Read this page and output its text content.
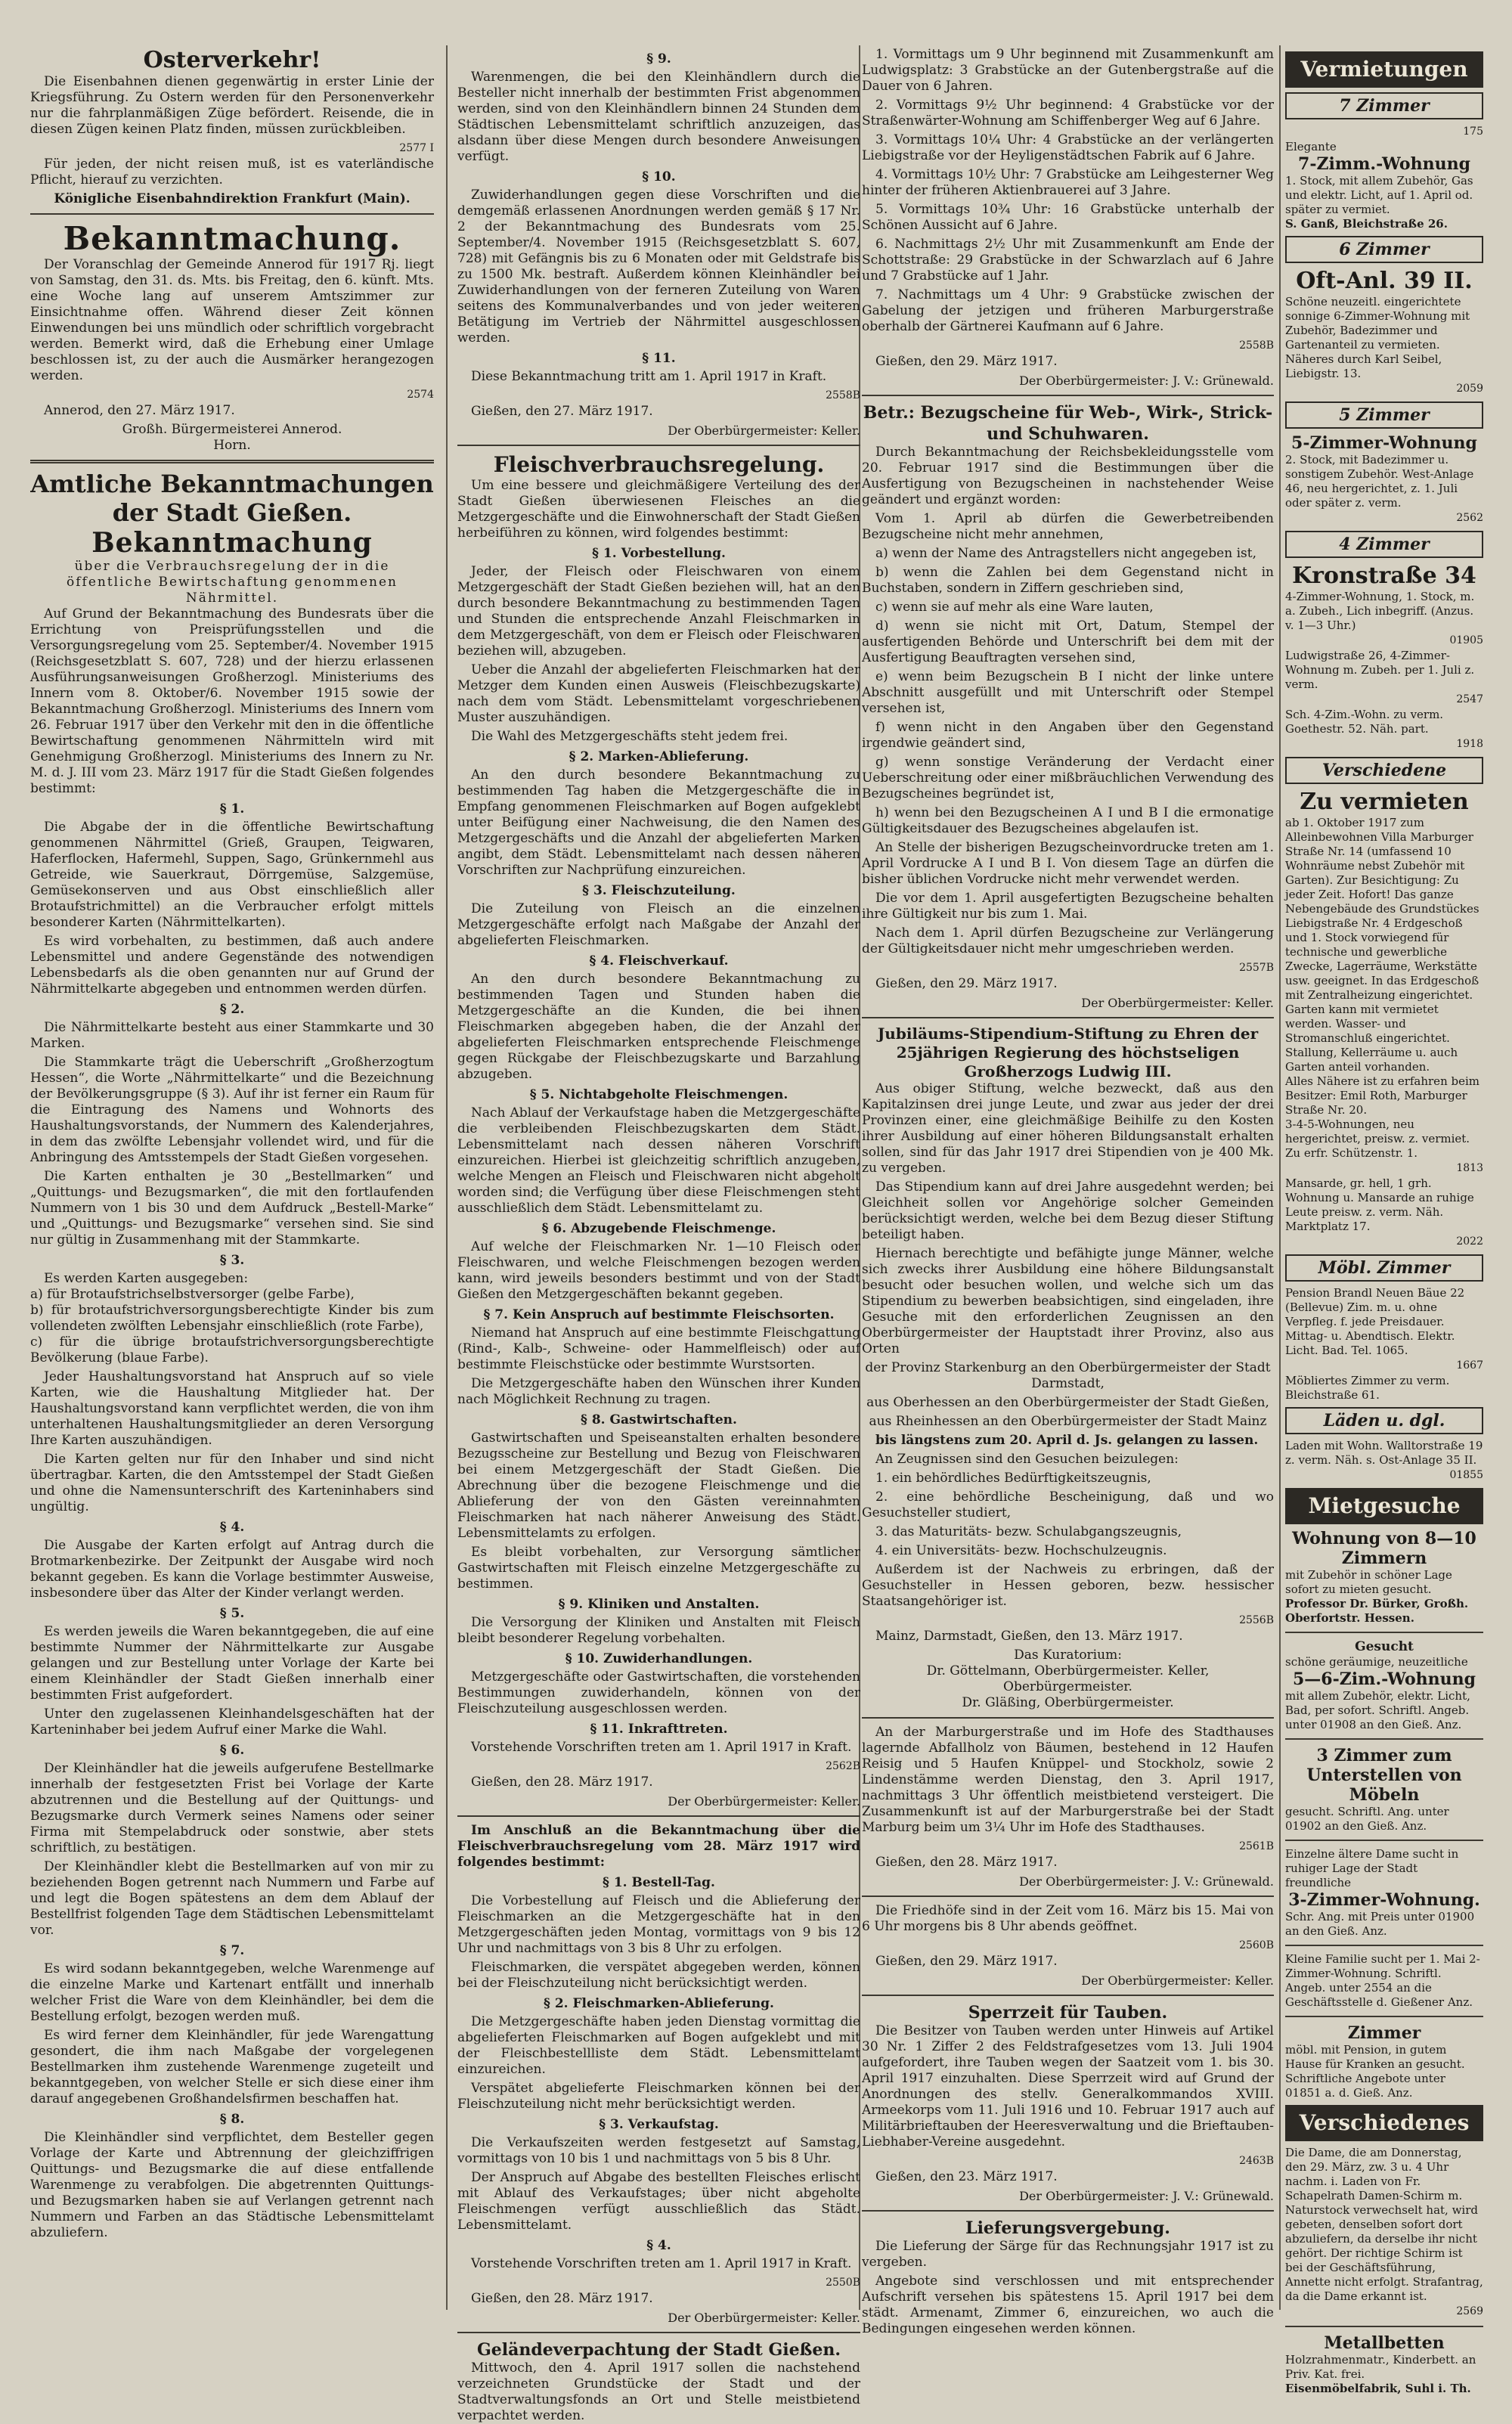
Osterverkehr!

Die Eisenbahnen dienen gegenwärtig in erster Linie der Kriegsführung. Zu Ostern werden für den Personenverkehr nur die fahrplanmäßigen Züge befördert. Reisende, die in diesen Zügen keinen Platz finden, müssen zurückbleiben.

2577 I

Für jeden, der nicht reisen muß, ist es vaterländische Pflicht, hierauf zu verzichten.

Königliche Eisenbahndirektion Frankfurt (Main).
Bekanntmachung.

Der Voranschlag der Gemeinde Annerod für 1917 Rj. liegt von Samstag, den 31. ds. Mts. bis Freitag, den 6. künft. Mts. eine Woche lang auf unserem Amtszimmer zur Einsichtnahme offen. Während dieser Zeit können Einwendungen bei uns mündlich oder schriftlich vorgebracht werden. Bemerkt wird, daß die Erhebung einer Umlage beschlossen ist, zu der auch die Ausmärker herangezogen werden.

2574

Annerod, den 27. März 1917.

Großh. Bürgermeisterei Annerod.
Horn.
Amtliche Bekanntmachungen der Stadt Gießen.
Bekanntmachung
über die Verbrauchsregelung der in die öffentliche Bewirtschaftung genommenen Nährmittel.

Auf Grund der Bekanntmachung des Bundesrats über die Errichtung von Preisprüfungsstellen und die Versorgungsregelung vom 25. September/4. November 1915 (Reichsgesetzblatt S. 607, 728) und der hierzu erlassenen Ausführungsanweisungen Großherzogl. Ministeriums des Innern vom 8. Oktober/6. November 1915 sowie der Bekanntmachung Großherzogl. Ministeriums des Innern vom 26. Februar 1917 über den Verkehr mit den in die öffentliche Bewirtschaftung genommenen Nährmitteln wird mit Genehmigung Großherzogl. Ministeriums des Innern zu Nr. M. d. J. III vom 23. März 1917 für die Stadt Gießen folgendes bestimmt:

§ 1.

Die Abgabe der in die öffentliche Bewirtschaftung genommenen Nährmittel (Grieß, Graupen, Teigwaren, Haferflocken, Hafermehl, Suppen, Sago, Grünkernmehl aus Getreide, wie Sauerkraut, Dörrgemüse, Salzgemüse, Gemüsekonserven und aus Obst einschließlich aller Brotaufstrichmittel) an die Verbraucher erfolgt mittels besonderer Karten (Nährmittelkarten).

Es wird vorbehalten, zu bestimmen, daß auch andere Lebensmittel und andere Gegenstände des notwendigen Lebensbedarfs als die oben genannten nur auf Grund der Nährmittelkarte abgegeben und entnommen werden dürfen.

§ 2.

Die Nährmittelkarte besteht aus einer Stammkarte und 30 Marken.

Die Stammkarte trägt die Ueberschrift „Großherzogtum Hessen“, die Worte „Nährmittelkarte“ und die Bezeichnung der Bevölkerungsgruppe (§ 3). Auf ihr ist ferner ein Raum für die Eintragung des Namens und Wohnorts des Haushaltungsvorstands, der Nummern des Kalenderjahres, in dem das zwölfte Lebensjahr vollendet wird, und für die Anbringung des Amtsstempels der Stadt Gießen vorgesehen.

Die Karten enthalten je 30 „Bestellmarken“ und „Quittungs- und Bezugsmarken“, die mit den fortlaufenden Nummern von 1 bis 30 und dem Aufdruck „Bestell-Marke“ und „Quittungs- und Bezugsmarke“ versehen sind. Sie sind nur gültig in Zusammenhang mit der Stammkarte.

§ 3.

Es werden Karten ausgegeben:
a) für Brotaufstrichselbstversorger (gelbe Farbe),
b) für brotaufstrichversorgungsberechtigte Kinder bis zum vollendeten zwölften Lebensjahr einschließlich (rote Farbe),
c) für die übrige brotaufstrichversorgungsberechtigte Bevölkerung (blaue Farbe).

Jeder Haushaltungsvorstand hat Anspruch auf so viele Karten, wie die Haushaltung Mitglieder hat. Der Haushaltungsvorstand kann verpflichtet werden, die von ihm unterhaltenen Haushaltungsmitglieder an deren Versorgung Ihre Karten auszuhändigen.

Die Karten gelten nur für den Inhaber und sind nicht übertragbar. Karten, die den Amtsstempel der Stadt Gießen und ohne die Namensunterschrift des Karteninhabers sind ungültig.

§ 4.

Die Ausgabe der Karten erfolgt auf Antrag durch die Brotmarkenbezirke. Der Zeitpunkt der Ausgabe wird noch bekannt gegeben. Es kann die Vorlage bestimmter Ausweise, insbesondere über das Alter der Kinder verlangt werden.

§ 5.

Es werden jeweils die Waren bekanntgegeben, die auf eine bestimmte Nummer der Nährmittelkarte zur Ausgabe gelangen und zur Bestellung unter Vorlage der Karte bei einem Kleinhändler der Stadt Gießen innerhalb einer bestimmten Frist aufgefordert.

Unter den zugelassenen Kleinhandelsgeschäften hat der Karteninhaber bei jedem Aufruf einer Marke die Wahl.

§ 6.

Der Kleinhändler hat die jeweils aufgerufene Bestellmarke innerhalb der festgesetzten Frist bei Vorlage der Karte abzutrennen und die Bestellung auf der Quittungs- und Bezugsmarke durch Vermerk seines Namens oder seiner Firma mit Stempelabdruck oder sonstwie, aber stets schriftlich, zu bestätigen.

Der Kleinhändler klebt die Bestellmarken auf von mir zu beziehenden Bogen getrennt nach Nummern und Farbe auf und legt die Bogen spätestens an dem dem Ablauf der Bestellfrist folgenden Tage dem Städtischen Lebensmittelamt vor.

§ 7.

Es wird sodann bekanntgegeben, welche Warenmenge auf die einzelne Marke und Kartenart entfällt und innerhalb welcher Frist die Ware von dem Kleinhändler, bei dem die Bestellung erfolgt, bezogen werden muß.

Es wird ferner dem Kleinhändler, für jede Warengattung gesondert, die ihm nach Maßgabe der vorgelegenen Bestellmarken ihm zustehende Warenmenge zugeteilt und bekanntgegeben, von welcher Stelle er sich diese einer ihm darauf angegebenen Großhandelsfirmen beschaffen hat.

§ 8.

Die Kleinhändler sind verpflichtet, dem Besteller gegen Vorlage der Karte und Abtrennung der gleichziffrigen Quittungs- und Bezugsmarke die auf diese entfallende Warenmenge zu verabfolgen. Die abgetrennten Quittungs- und Bezugsmarken haben sie auf Verlangen getrennt nach Nummern und Farben an das Städtische Lebensmittelamt abzuliefern.

§ 9.

Warenmengen, die bei den Kleinhändlern durch die Besteller nicht innerhalb der bestimmten Frist abgenommen werden, sind von den Kleinhändlern binnen 24 Stunden dem Städtischen Lebensmittelamt schriftlich anzuzeigen, das alsdann über diese Mengen durch besondere Anweisungen verfügt.

§ 10.

Zuwiderhandlungen gegen diese Vorschriften und die demgemäß erlassenen Anordnungen werden gemäß § 17 Nr. 2 der Bekanntmachung des Bundesrats vom 25. September/4. November 1915 (Reichsgesetzblatt S. 607, 728) mit Gefängnis bis zu 6 Monaten oder mit Geldstrafe bis zu 1500 Mk. bestraft. Außerdem können Kleinhändler bei Zuwiderhandlungen von der ferneren Zuteilung von Waren seitens des Kommunalverbandes und von jeder weiteren Betätigung im Vertrieb der Nährmittel ausgeschlossen werden.

§ 11.

Diese Bekanntmachung tritt am 1. April 1917 in Kraft.

2558B

Gießen, den 27. März 1917.

Der Oberbürgermeister: Keller.
Fleischverbrauchsregelung.

Um eine bessere und gleichmäßigere Verteilung des der Stadt Gießen überwiesenen Fleisches an die Metzgergeschäfte und die Einwohnerschaft der Stadt Gießen herbeiführen zu können, wird folgendes bestimmt:

§ 1. Vorbestellung.

Jeder, der Fleisch oder Fleischwaren von einem Metzgergeschäft der Stadt Gießen beziehen will, hat an den durch besondere Bekanntmachung zu bestimmenden Tagen und Stunden die entsprechende Anzahl Fleischmarken in dem Metzgergeschäft, von dem er Fleisch oder Fleischwaren beziehen will, abzugeben.

Ueber die Anzahl der abgelieferten Fleischmarken hat der Metzger dem Kunden einen Ausweis (Fleischbezugskarte) nach dem vom Städt. Lebensmittelamt vorgeschriebenen Muster auszuhändigen.

Die Wahl des Metzgergeschäfts steht jedem frei.

§ 2. Marken-Ablieferung.

An den durch besondere Bekanntmachung zu bestimmenden Tag haben die Metzgergeschäfte die in Empfang genommenen Fleischmarken auf Bogen aufgeklebt unter Beifügung einer Nachweisung, die den Namen des Metzgergeschäfts und die Anzahl der abgelieferten Marken angibt, dem Städt. Lebensmittelamt nach dessen näheren Vorschriften zur Nachprüfung einzureichen.

§ 3. Fleischzuteilung.

Die Zuteilung von Fleisch an die einzelnen Metzgergeschäfte erfolgt nach Maßgabe der Anzahl der abgelieferten Fleischmarken.

§ 4. Fleischverkauf.

An den durch besondere Bekanntmachung zu bestimmenden Tagen und Stunden haben die Metzgergeschäfte an die Kunden, die bei ihnen Fleischmarken abgegeben haben, die der Anzahl der abgelieferten Fleischmarken entsprechende Fleischmenge gegen Rückgabe der Fleischbezugskarte und Barzahlung abzugeben.

§ 5. Nichtabgeholte Fleischmengen.

Nach Ablauf der Verkaufstage haben die Metzgergeschäfte die verbleibenden Fleischbezugskarten dem Städt. Lebensmittelamt nach dessen näheren Vorschrift einzureichen. Hierbei ist gleichzeitig schriftlich anzugeben, welche Mengen an Fleisch und Fleischwaren nicht abgeholt worden sind; die Verfügung über diese Fleischmengen steht ausschließlich dem Städt. Lebensmittelamt zu.

§ 6. Abzugebende Fleischmenge.

Auf welche der Fleischmarken Nr. 1—10 Fleisch oder Fleischwaren, und welche Fleischmengen bezogen werden kann, wird jeweils besonders bestimmt und von der Stadt Gießen den Metzgergeschäften bekannt gegeben.

§ 7. Kein Anspruch auf bestimmte Fleischsorten.

Niemand hat Anspruch auf eine bestimmte Fleischgattung (Rind-, Kalb-, Schweine- oder Hammelfleisch) oder auf bestimmte Fleischstücke oder bestimmte Wurstsorten.

Die Metzgergeschäfte haben den Wünschen ihrer Kunden nach Möglichkeit Rechnung zu tragen.

§ 8. Gastwirtschaften.

Gastwirtschaften und Speiseanstalten erhalten besondere Bezugsscheine zur Bestellung und Bezug von Fleischwaren bei einem Metzgergeschäft der Stadt Gießen. Die Abrechnung über die bezogene Fleischmenge und die Ablieferung der von den Gästen vereinnahmten Fleischmarken hat nach näherer Anweisung des Städt. Lebensmittelamts zu erfolgen.

Es bleibt vorbehalten, zur Versorgung sämtlicher Gastwirtschaften mit Fleisch einzelne Metzgergeschäfte zu bestimmen.

§ 9. Kliniken und Anstalten.

Die Versorgung der Kliniken und Anstalten mit Fleisch bleibt besonderer Regelung vorbehalten.

§ 10. Zuwiderhandlungen.

Metzgergeschäfte oder Gastwirtschaften, die vorstehenden Bestimmungen zuwiderhandeln, können von der Fleischzuteilung ausgeschlossen werden.

§ 11. Inkrafttreten.

Vorstehende Vorschriften treten am 1. April 1917 in Kraft.

2562B

Gießen, den 28. März 1917.

Der Oberbürgermeister: Keller.

Im Anschluß an die Bekanntmachung über die Fleischverbrauchsregelung vom 28. März 1917 wird folgendes bestimmt:

§ 1. Bestell-Tag.

Die Vorbestellung auf Fleisch und die Ablieferung der Fleischmarken an die Metzgergeschäfte hat in den Metzgergeschäften jeden Montag, vormittags von 9 bis 12 Uhr und nachmittags von 3 bis 8 Uhr zu erfolgen.

Fleischmarken, die verspätet abgegeben werden, können bei der Fleischzuteilung nicht berücksichtigt werden.

§ 2. Fleischmarken-Ablieferung.

Die Metzgergeschäfte haben jeden Dienstag vormittag die abgelieferten Fleischmarken auf Bogen aufgeklebt und mit der Fleischbestellliste dem Städt. Lebensmittelamt einzureichen.

Verspätet abgelieferte Fleischmarken können bei der Fleischzuteilung nicht mehr berücksichtigt werden.

§ 3. Verkaufstag.

Die Verkaufszeiten werden festgesetzt auf Samstag, vormittags von 10 bis 1 und nachmittags von 5 bis 8 Uhr.

Der Anspruch auf Abgabe des bestellten Fleisches erlischt mit Ablauf des Verkaufstages; über nicht abgeholte Fleischmengen verfügt ausschließlich das Städt. Lebensmittelamt.

§ 4.

Vorstehende Vorschriften treten am 1. April 1917 in Kraft.

2550B

Gießen, den 28. März 1917.

Der Oberbürgermeister: Keller.
Geländeverpachtung der Stadt Gießen.

Mittwoch, den 4. April 1917 sollen die nachstehend verzeichneten Grundstücke der Stadt und der Stadtverwaltungsfonds an Ort und Stelle meistbietend verpachtet werden.

1. Vormittags um 9 Uhr beginnend mit Zusammenkunft am Ludwigsplatz: 3 Grabstücke an der Gutenbergstraße auf die Dauer von 6 Jahren.

2. Vormittags 9½ Uhr beginnend: 4 Grabstücke vor der Straßenwärter-Wohnung am Schiffenberger Weg auf 6 Jahre.

3. Vormittags 10¼ Uhr: 4 Grabstücke an der verlängerten Liebigstraße vor der Heyligenstädtschen Fabrik auf 6 Jahre.

4. Vormittags 10½ Uhr: 7 Grabstücke am Leihgesterner Weg hinter der früheren Aktienbrauerei auf 3 Jahre.

5. Vormittags 10¾ Uhr: 16 Grabstücke unterhalb der Schönen Aussicht auf 6 Jahre.

6. Nachmittags 2½ Uhr mit Zusammenkunft am Ende der Schottstraße: 29 Grabstücke in der Schwarzlach auf 6 Jahre und 7 Grabstücke auf 1 Jahr.

7. Nachmittags um 4 Uhr: 9 Grabstücke zwischen der Gabelung der jetzigen und früheren Marburgerstraße oberhalb der Gärtnerei Kaufmann auf 6 Jahre.

2558B

Gießen, den 29. März 1917.

Der Oberbürgermeister: J. V.: Grünewald.
Betr.: Bezugscheine für Web-, Wirk-, Strick- und Schuhwaren.

Durch Bekanntmachung der Reichsbekleidungsstelle vom 20. Februar 1917 sind die Bestimmungen über die Ausfertigung von Bezugscheinen in nachstehender Weise geändert und ergänzt worden:

Vom 1. April ab dürfen die Gewerbetreibenden Bezugscheine nicht mehr annehmen,

a) wenn der Name des Antragstellers nicht angegeben ist,

b) wenn die Zahlen bei dem Gegenstand nicht in Buchstaben, sondern in Ziffern geschrieben sind,

c) wenn sie auf mehr als eine Ware lauten,

d) wenn sie nicht mit Ort, Datum, Stempel der ausfertigenden Behörde und Unterschrift bei dem mit der Ausfertigung Beauftragten versehen sind,

e) wenn beim Bezugschein B I nicht der linke untere Abschnitt ausgefüllt und mit Unterschrift oder Stempel versehen ist,

f) wenn nicht in den Angaben über den Gegenstand irgendwie geändert sind,

g) wenn sonstige Veränderung der Verdacht einer Ueberschreitung oder einer mißbräuchlichen Verwendung des Bezugscheines begründet ist,

h) wenn bei den Bezugscheinen A I und B I die ermonatige Gültigkeitsdauer des Bezugscheines abgelaufen ist.

An Stelle der bisherigen Bezugscheinvordrucke treten am 1. April Vordrucke A I und B I. Von diesem Tage an dürfen die bisher üblichen Vordrucke nicht mehr verwendet werden.

Die vor dem 1. April ausgefertigten Bezugscheine behalten ihre Gültigkeit nur bis zum 1. Mai.

Nach dem 1. April dürfen Bezugscheine zur Verlängerung der Gültigkeitsdauer nicht mehr umgeschrieben werden.

2557B

Gießen, den 29. März 1917.

Der Oberbürgermeister: Keller.
Jubiläums-Stipendium-Stiftung zu Ehren der 25jährigen Regierung des höchstseligen Großherzogs Ludwig III.

Aus obiger Stiftung, welche bezweckt, daß aus den Kapitalzinsen drei junge Leute, und zwar aus jeder der drei Provinzen einer, eine gleichmäßige Beihilfe zu den Kosten ihrer Ausbildung auf einer höheren Bildungsanstalt erhalten sollen, sind für das Jahr 1917 drei Stipendien von je 400 Mk. zu vergeben.

Das Stipendium kann auf drei Jahre ausgedehnt werden; bei Gleichheit sollen vor Angehörige solcher Gemeinden berücksichtigt werden, welche bei dem Bezug dieser Stiftung beteiligt haben.

Hiernach berechtigte und befähigte junge Männer, welche sich zwecks ihrer Ausbildung eine höhere Bildungsanstalt besucht oder besuchen wollen, und welche sich um das Stipendium zu bewerben beabsichtigen, sind eingeladen, ihre Gesuche mit den erforderlichen Zeugnissen an den Oberbürgermeister der Hauptstadt ihrer Provinz, also aus Orten

der Provinz Starkenburg an den Oberbürgermeister der Stadt Darmstadt,

aus Oberhessen an den Oberbürgermeister der Stadt Gießen,

aus Rheinhessen an den Oberbürgermeister der Stadt Mainz

bis längstens zum 20. April d. Js. gelangen zu lassen.

An Zeugnissen sind den Gesuchen beizulegen:

1. ein behördliches Bedürftigkeitszeugnis,

2. eine behördliche Bescheinigung, daß und wo Gesuchsteller studiert,

3. das Maturitäts- bezw. Schulabgangszeugnis,

4. ein Universitäts- bezw. Hochschulzeugnis.

Außerdem ist der Nachweis zu erbringen, daß der Gesuchsteller in Hessen geboren, bezw. hessischer Staatsangehöriger ist.

2556B

Mainz, Darmstadt, Gießen, den 13. März 1917.

Das Kuratorium:
Dr. Göttelmann, Oberbürgermeister. Keller, Oberbürgermeister.
Dr. Gläßing, Oberbürgermeister.

An der Marburgerstraße und im Hofe des Stadthauses lagernde Abfallholz von Bäumen, bestehend in 12 Haufen Reisig und 5 Haufen Knüppel- und Stockholz, sowie 2 Lindenstämme werden Dienstag, den 3. April 1917, nachmittags 3 Uhr öffentlich meistbietend versteigert. Die Zusammenkunft ist auf der Marburgerstraße bei der Stadt Marburg beim um 3¼ Uhr im Hofe des Stadthauses.

2561B

Gießen, den 28. März 1917.

Der Oberbürgermeister: J. V.: Grünewald.

Die Friedhöfe sind in der Zeit vom 16. März bis 15. Mai von 6 Uhr morgens bis 8 Uhr abends geöffnet.

2560B

Gießen, den 29. März 1917.

Der Oberbürgermeister: Keller.
Sperrzeit für Tauben.

Die Besitzer von Tauben werden unter Hinweis auf Artikel 30 Nr. 1 Ziffer 2 des Feldstrafgesetzes vom 13. Juli 1904 aufgefordert, ihre Tauben wegen der Saatzeit vom 1. bis 30. April 1917 einzuhalten. Diese Sperrzeit wird auf Grund der Anordnungen des stellv. Generalkommandos XVIII. Armeekorps vom 11. Juli 1916 und 10. Februar 1917 auch auf Militärbrieftauben der Heeresverwaltung und die Brieftauben-Liebhaber-Vereine ausgedehnt.

2463B

Gießen, den 23. März 1917.

Der Oberbürgermeister: J. V.: Grünewald.
Lieferungsvergebung.

Die Lieferung der Särge für das Rechnungsjahr 1917 ist zu vergeben.

Angebote sind verschlossen und mit entsprechender Aufschrift versehen bis spätestens 15. April 1917 bei dem städt. Armenamt, Zimmer 6, einzureichen, wo auch die Bedingungen eingesehen werden können.

Vermietungen
7 Zimmer
175
Elegante
7-Zimm.-Wohnung
1. Stock, mit allem Zubehör, Gas und elektr. Licht, auf 1. April od. später zu vermiet.
S. Ganß, Bleichstraße 26.
6 Zimmer
Oft-Anl. 39 II.
Schöne neuzeitl. eingerichtete sonnige 6-Zimmer-Wohnung mit Zubehör, Badezimmer und Gartenanteil zu vermieten. Näheres durch Karl Seibel, Liebigstr. 13.
2059
5 Zimmer
5-Zimmer-Wohnung
2. Stock, mit Badezimmer u. sonstigem Zubehör. West-Anlage 46, neu hergerichtet, z. 1. Juli oder später z. verm.
2562
4 Zimmer
Kronstraße 34
4-Zimmer-Wohnung, 1. Stock, m. a. Zubeh., Lich inbegriff. (Anzus. v. 1—3 Uhr.)
01905
Ludwigstraße 26, 4-Zimmer-Wohnung m. Zubeh. per 1. Juli z. verm.
2547
Sch. 4-Zim.-Wohn. zu verm. Goethestr. 52. Näh. part.
1918
Verschiedene
Zu vermieten
ab 1. Oktober 1917 zum Alleinbewohnen Villa Marburger Straße Nr. 14 (umfassend 10 Wohnräume nebst Zubehör mit Garten). Zur Besichtigung: Zu jeder Zeit. Hofort! Das ganze Nebengebäude des Grundstückes Liebigstraße Nr. 4 Erdgeschoß und 1. Stock vorwiegend für technische und gewerbliche Zwecke, Lagerräume, Werkstätte usw. geeignet. In das Erdgeschoß mit Zentralheizung eingerichtet. Garten kann mit vermietet werden. Wasser- und Stromanschluß eingerichtet. Stallung, Kellerräume u. auch Garten anteil vorhanden.
Alles Nähere ist zu erfahren beim Besitzer: Emil Roth, Marburger Straße Nr. 20.
3-4-5-Wohnungen, neu hergerichtet, preisw. z. vermiet. Zu erfr. Schützenstr. 1.
1813
Mansarde, gr. hell, 1 grh. Wohnung u. Mansarde an ruhige Leute preisw. z. verm. Näh. Marktplatz 17.
2022
Möbl. Zimmer
Pension Brandl Neuen Bäue 22 (Bellevue) Zim. m. u. ohne Verpfleg. f. jede Preisdauer. Mittag- u. Abendtisch. Elektr. Licht. Bad. Tel. 1065.
1667
Möbliertes Zimmer zu verm. Bleichstraße 61.
Läden u. dgl.
Laden mit Wohn. Walltorstraße 19 z. verm. Näh. s. Ost-Anlage 35 II.
01855
Mietgesuche
Wohnung von 8—10 Zimmern
mit Zubehör in schöner Lage sofort zu mieten gesucht.
Professor Dr. Bürker, Großh. Oberfortstr. Hessen.
Gesucht
schöne geräumige, neuzeitliche
5—6-Zim.-Wohnung
mit allem Zubehör, elektr. Licht, Bad, per sofort. Schriftl. Angeb. unter 01908 an den Gieß. Anz.
3 Zimmer zum Unterstellen von Möbeln
gesucht. Schriftl. Ang. unter 01902 an den Gieß. Anz.
Einzelne ältere Dame sucht in ruhiger Lage der Stadt freundliche
3-Zimmer-Wohnung.
Schr. Ang. mit Preis unter 01900 an den Gieß. Anz.
Kleine Familie sucht per 1. Mai 2-Zimmer-Wohnung. Schriftl. Angeb. unter 2554 an die Geschäftsstelle d. Gießener Anz.
Zimmer
möbl. mit Pension, in gutem Hause für Kranken an gesucht. Schriftliche Angebote unter 01851 a. d. Gieß. Anz.
Verschiedenes
Die Dame, die am Donnerstag, den 29. März, zw. 3 u. 4 Uhr nachm. i. Laden von Fr. Schapelrath Damen-Schirm m. Naturstock verwechselt hat, wird gebeten, denselben sofort dort abzuliefern, da derselbe ihr nicht gehört. Der richtige Schirm ist bei der Geschäftsführung, Annette nicht erfolgt. Strafantrag, da die Dame erkannt ist.
2569
Metallbetten
Holzrahmenmatr., Kinderbett. an Priv. Kat. frei.
Eisenmöbelfabrik, Suhl i. Th.
